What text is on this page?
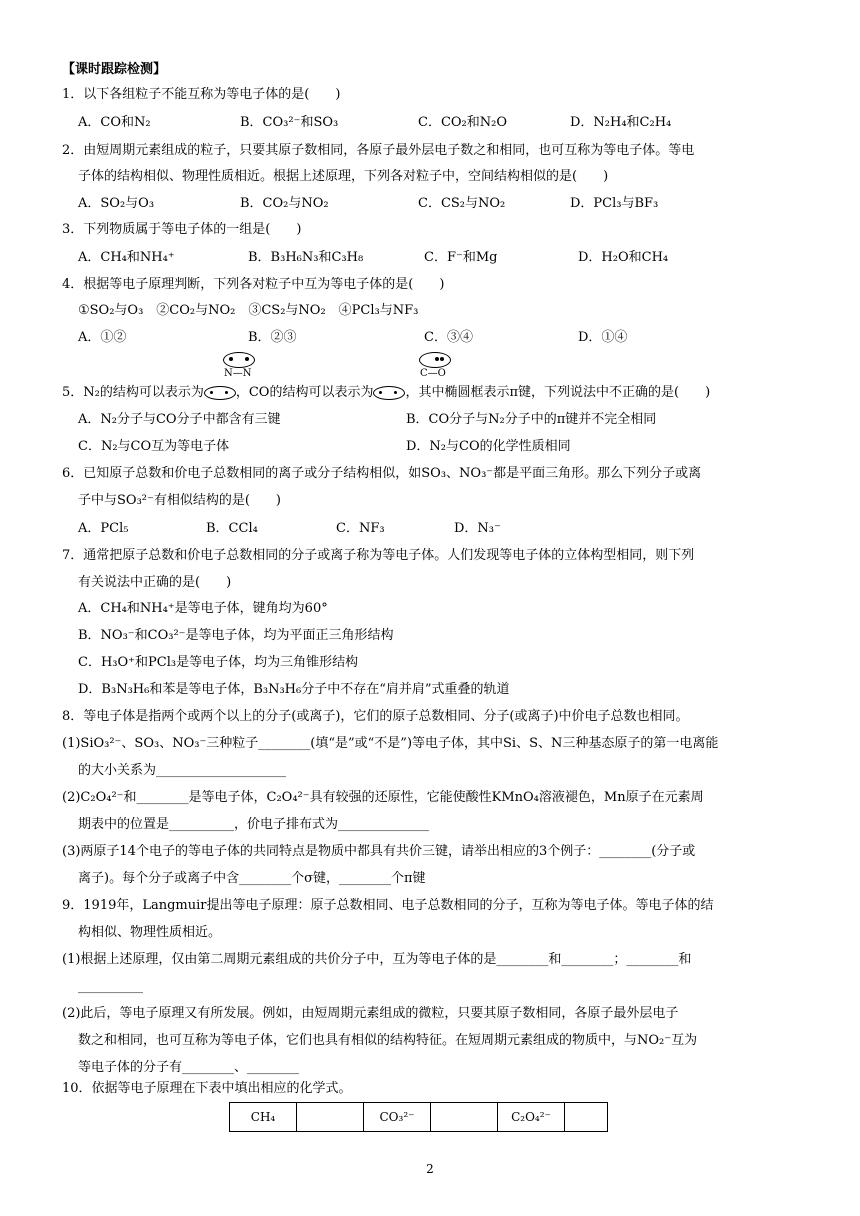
【课时跟踪检测】
1．以下各组粒子不能互称为等电子体的是(　　)
A．CO和N₂	B．CO₃²⁻和SO₃	C．CO₂和N₂O	D．N₂H₄和C₂H₄
2．由短周期元素组成的粒子，只要其原子数相同，各原子最外层电子数之和相同，也可互称为等电子体。等电
子体的结构相似、物理性质相近。根据上述原理，下列各对粒子中，空间结构相似的是(　　)
A．SO₂与O₃	B．CO₂与NO₂	C．CS₂与NO₂	D．PCl₃与BF₃
3．下列物质属于等电子体的一组是(　　)
A．CH₄和NH₄⁺	B．B₃H₆N₃和C₃H₈	C．F⁻和Mg	D．H₂O和CH₄
4．根据等电子原理判断，下列各对粒子中互为等电子体的是(　　)
①SO₂与O₃　②CO₂与NO₂　③CS₂与NO₂　④PCl₃与NF₃
A．①②	B．②③	C．③④	D．①④
N—N	C—O
5．N₂的结构可以表示为 ，CO的结构可以表示为 ，其中椭圆框表示π键，下列说法中不正确的是(　　)
A．N₂分子与CO分子中都含有三键	B．CO分子与N₂分子中的π键并不完全相同
C．N₂与CO互为等电子体	D．N₂与CO的化学性质相同
6．已知原子总数和价电子总数相同的离子或分子结构相似，如SO₃、NO₃⁻都是平面三角形。那么下列分子或离
子中与SO₃²⁻有相似结构的是(　　)
A．PCl₅	B．CCl₄	C．NF₃	D．N₃⁻
7．通常把原子总数和价电子总数相同的分子或离子称为等电子体。人们发现等电子体的立体构型相同，则下列
有关说法中正确的是(　　)
A．CH₄和NH₄⁺是等电子体，键角均为60°
B．NO₃⁻和CO₃²⁻是等电子体，均为平面正三角形结构
C．H₃O⁺和PCl₃是等电子体，均为三角锥形结构
D．B₃N₃H₆和苯是等电子体，B₃N₃H₆分子中不存在“肩并肩”式重叠的轨道
8．等电子体是指两个或两个以上的分子(或离子)，它们的原子总数相同、分子(或离子)中价电子总数也相同。
(1)SiO₃²⁻、SO₃、NO₃⁻三种粒子________(填“是”或“不是”)等电子体，其中Si、S、N三种基态原子的第一电离能
的大小关系为____________________
(2)C₂O₄²⁻和________是等电子体，C₂O₄²⁻具有较强的还原性，它能使酸性KMnO₄溶液褪色，Mn原子在元素周
期表中的位置是__________，价电子排布式为______________
(3)两原子14个电子的等电子体的共同特点是物质中都具有共价三键，请举出相应的3个例子：________(分子或
离子)。每个分子或离子中含________个σ键，________个π键
9．1919年，Langmuir提出等电子原理：原子总数相同、电子总数相同的分子，互称为等电子体。等电子体的结
构相似、物理性质相近。
(1)根据上述原理，仅由第二周期元素组成的共价分子中，互为等电子体的是________和________；________和
__________
(2)此后，等电子原理又有所发展。例如，由短周期元素组成的微粒，只要其原子数相同，各原子最外层电子
数之和相同，也可互称为等电子体，它们也具有相似的结构特征。在短周期元素组成的物质中，与NO₂⁻互为
等电子体的分子有________、________
10．依据等电子原理在下表中填出相应的化学式。
CH₄		CO₃²⁻		C₂O₄²⁻	
2
